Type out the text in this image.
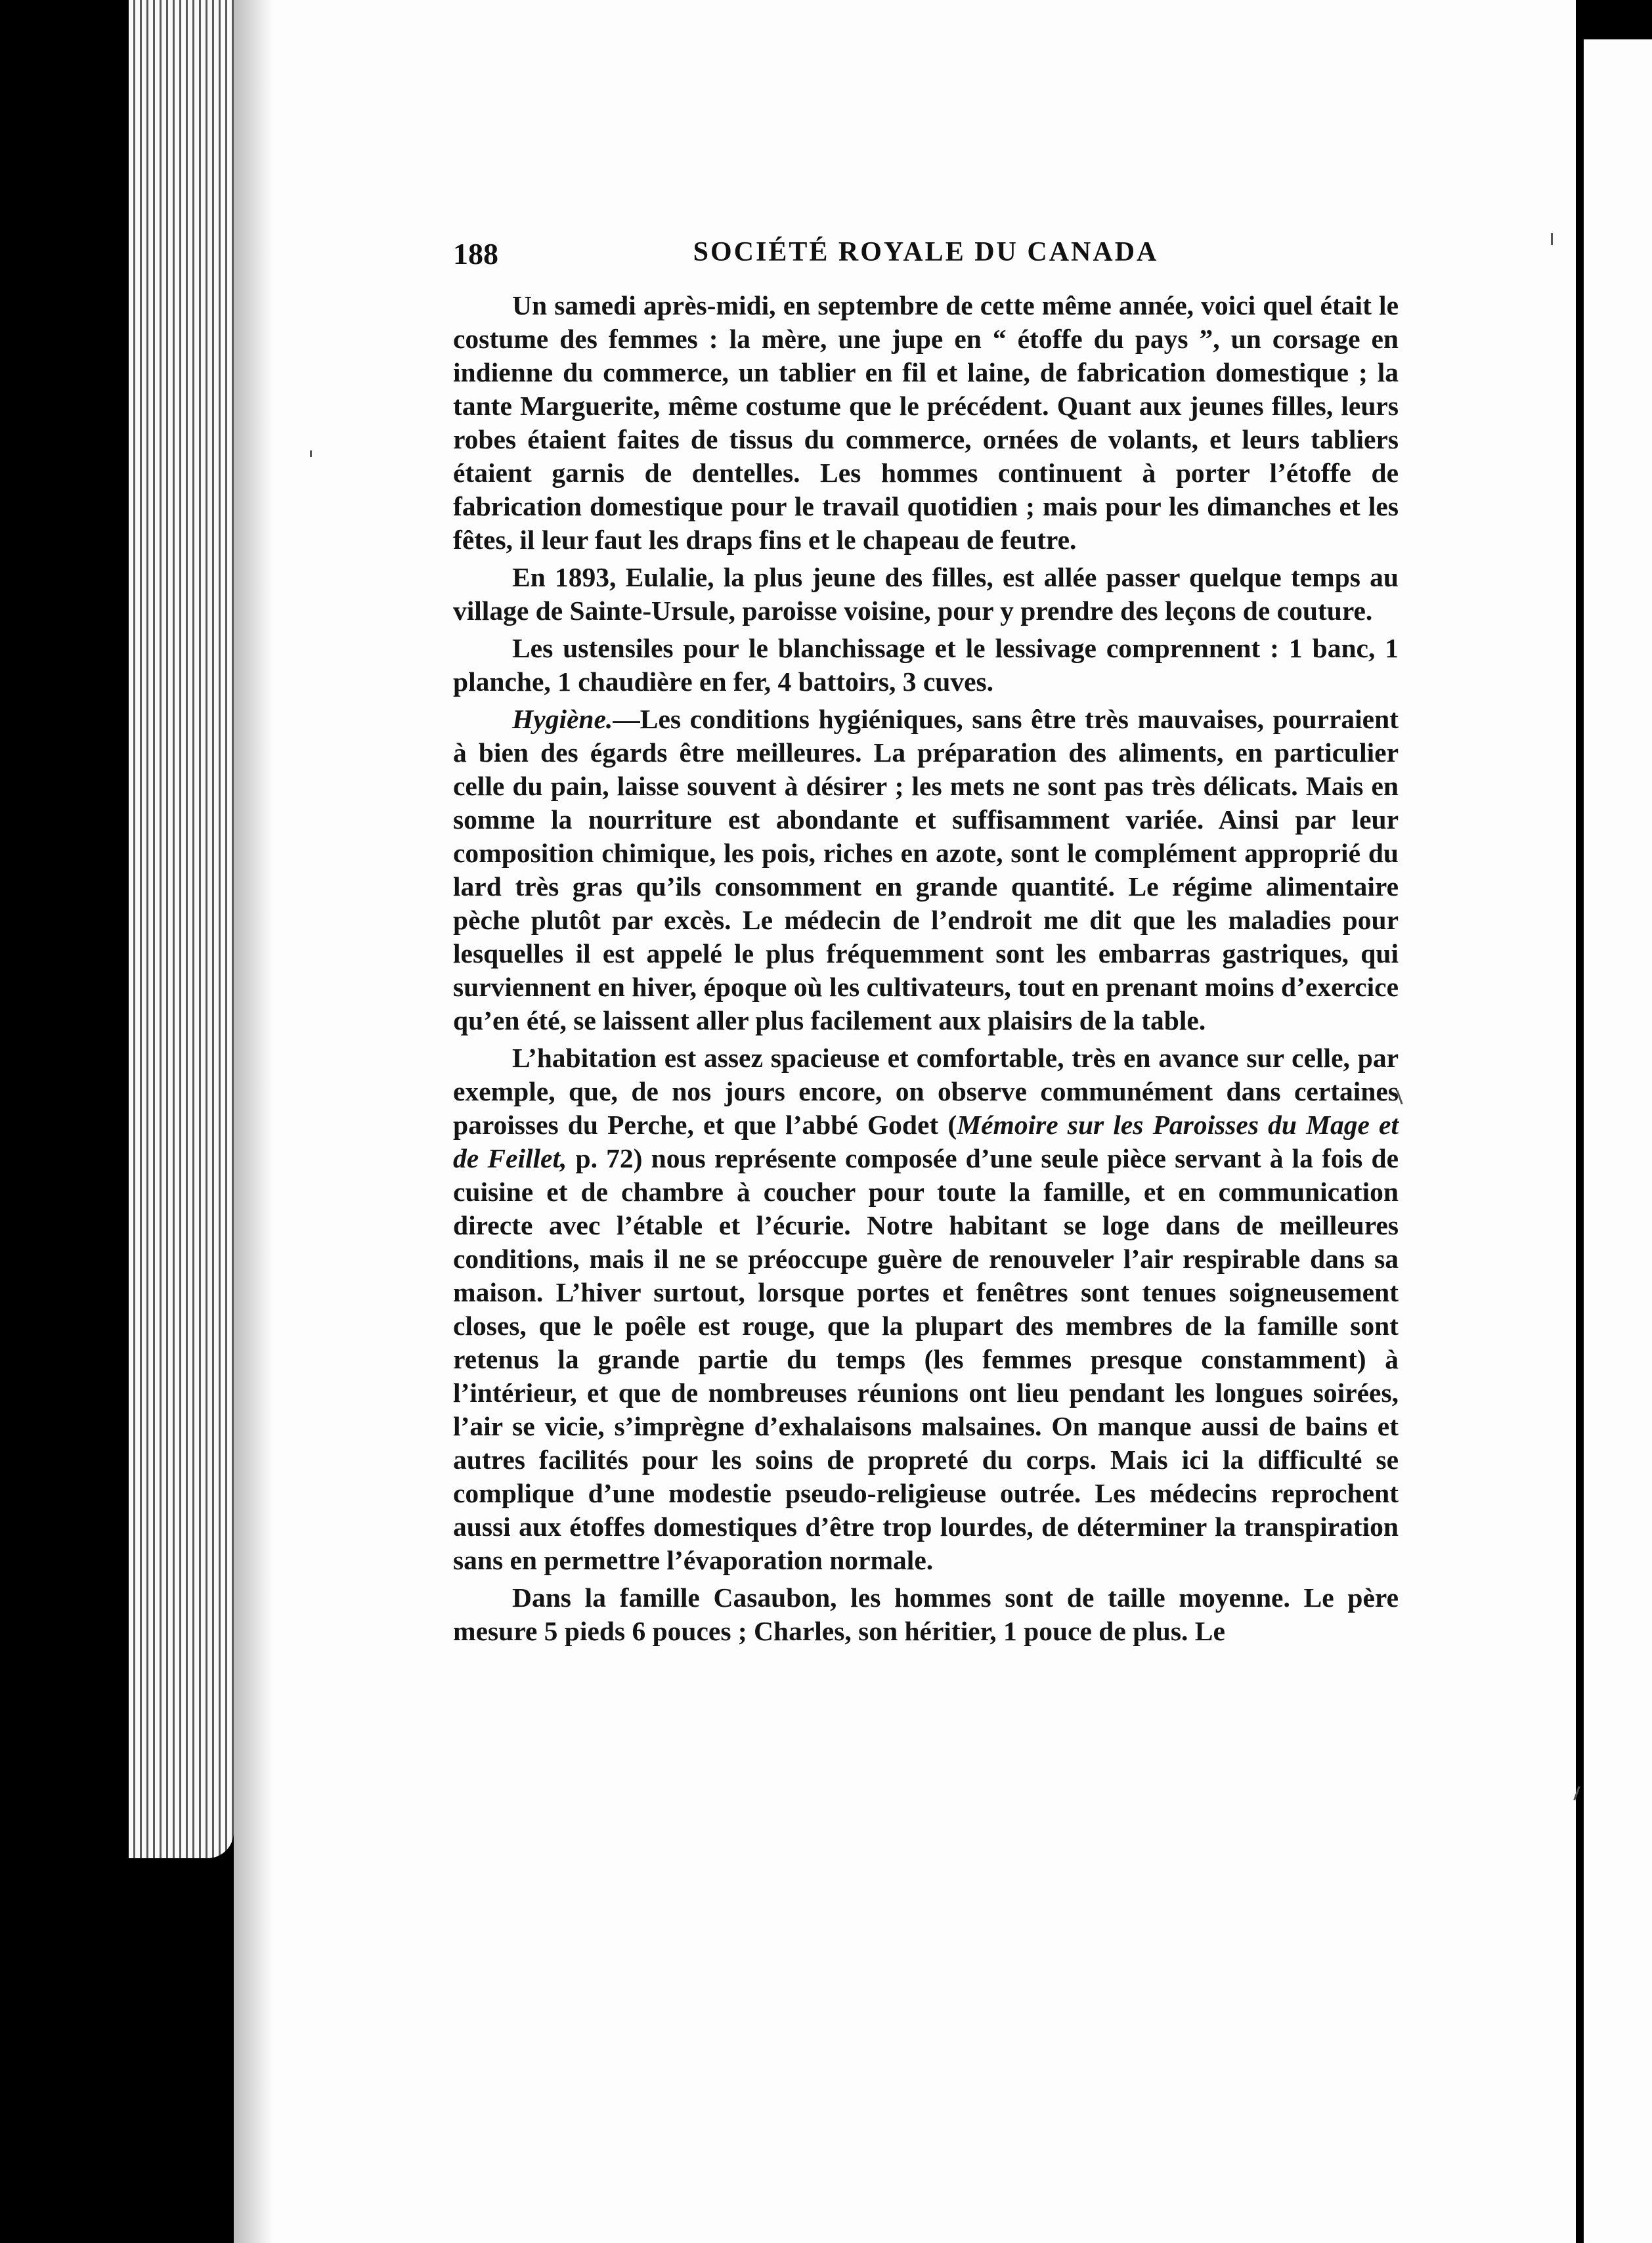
188	SOCIÉTÉ ROYALE DU CANADA

Un samedi après-midi, en septembre de cette même année, voici quel était le costume des femmes : la mère, une jupe en “ étoffe du pays ”, un corsage en indienne du commerce, un tablier en fil et laine, de fabrication domestique ; la tante Marguerite, même costume que le précédent. Quant aux jeunes filles, leurs robes étaient faites de tissus du commerce, ornées de volants, et leurs tabliers étaient garnis de dentelles. Les hommes continuent à porter l’étoffe de fabrication domestique pour le travail quotidien ; mais pour les dimanches et les fêtes, il leur faut les draps fins et le chapeau de feutre.

En 1893, Eulalie, la plus jeune des filles, est allée passer quelque temps au village de Sainte-Ursule, paroisse voisine, pour y prendre des leçons de couture.

Les ustensiles pour le blanchissage et le lessivage comprennent : 1 banc, 1 planche, 1 chaudière en fer, 4 battoirs, 3 cuves.

Hygiène.—Les conditions hygiéniques, sans être très mauvaises, pourraient à bien des égards être meilleures. La préparation des aliments, en particulier celle du pain, laisse souvent à désirer ; les mets ne sont pas très délicats. Mais en somme la nourriture est abondante et suffisamment variée. Ainsi par leur composition chimique, les pois, riches en azote, sont le complément approprié du lard très gras qu’ils consomment en grande quantité. Le régime alimentaire pèche plutôt par excès. Le médecin de l’endroit me dit que les maladies pour lesquelles il est appelé le plus fréquemment sont les embarras gastriques, qui surviennent en hiver, époque où les cultivateurs, tout en prenant moins d’exercice qu’en été, se laissent aller plus facilement aux plaisirs de la table.

L’habitation est assez spacieuse et comfortable, très en avance sur celle, par exemple, que, de nos jours encore, on observe communément dans certaines paroisses du Perche, et que l’abbé Godet (Mémoire sur les Paroisses du Mage et de Feillet, p. 72) nous représente composée d’une seule pièce servant à la fois de cuisine et de chambre à coucher pour toute la famille, et en communication directe avec l’étable et l’écurie. Notre habitant se loge dans de meilleures conditions, mais il ne se préoccupe guère de renouveler l’air respirable dans sa maison. L’hiver surtout, lorsque portes et fenêtres sont tenues soigneusement closes, que le poêle est rouge, que la plupart des membres de la famille sont retenus la grande partie du temps (les femmes presque constamment) à l’intérieur, et que de nombreuses réunions ont lieu pendant les longues soirées, l’air se vicie, s’imprègne d’exhalaisons malsaines. On manque aussi de bains et autres facilités pour les soins de propreté du corps. Mais ici la difficulté se complique d’une modestie pseudo-religieuse outrée. Les médecins reprochent aussi aux étoffes domestiques d’être trop lourdes, de déterminer la transpiration sans en permettre l’évaporation normale.

Dans la famille Casaubon, les hommes sont de taille moyenne. Le père mesure 5 pieds 6 pouces ; Charles, son héritier, 1 pouce de plus. Le
